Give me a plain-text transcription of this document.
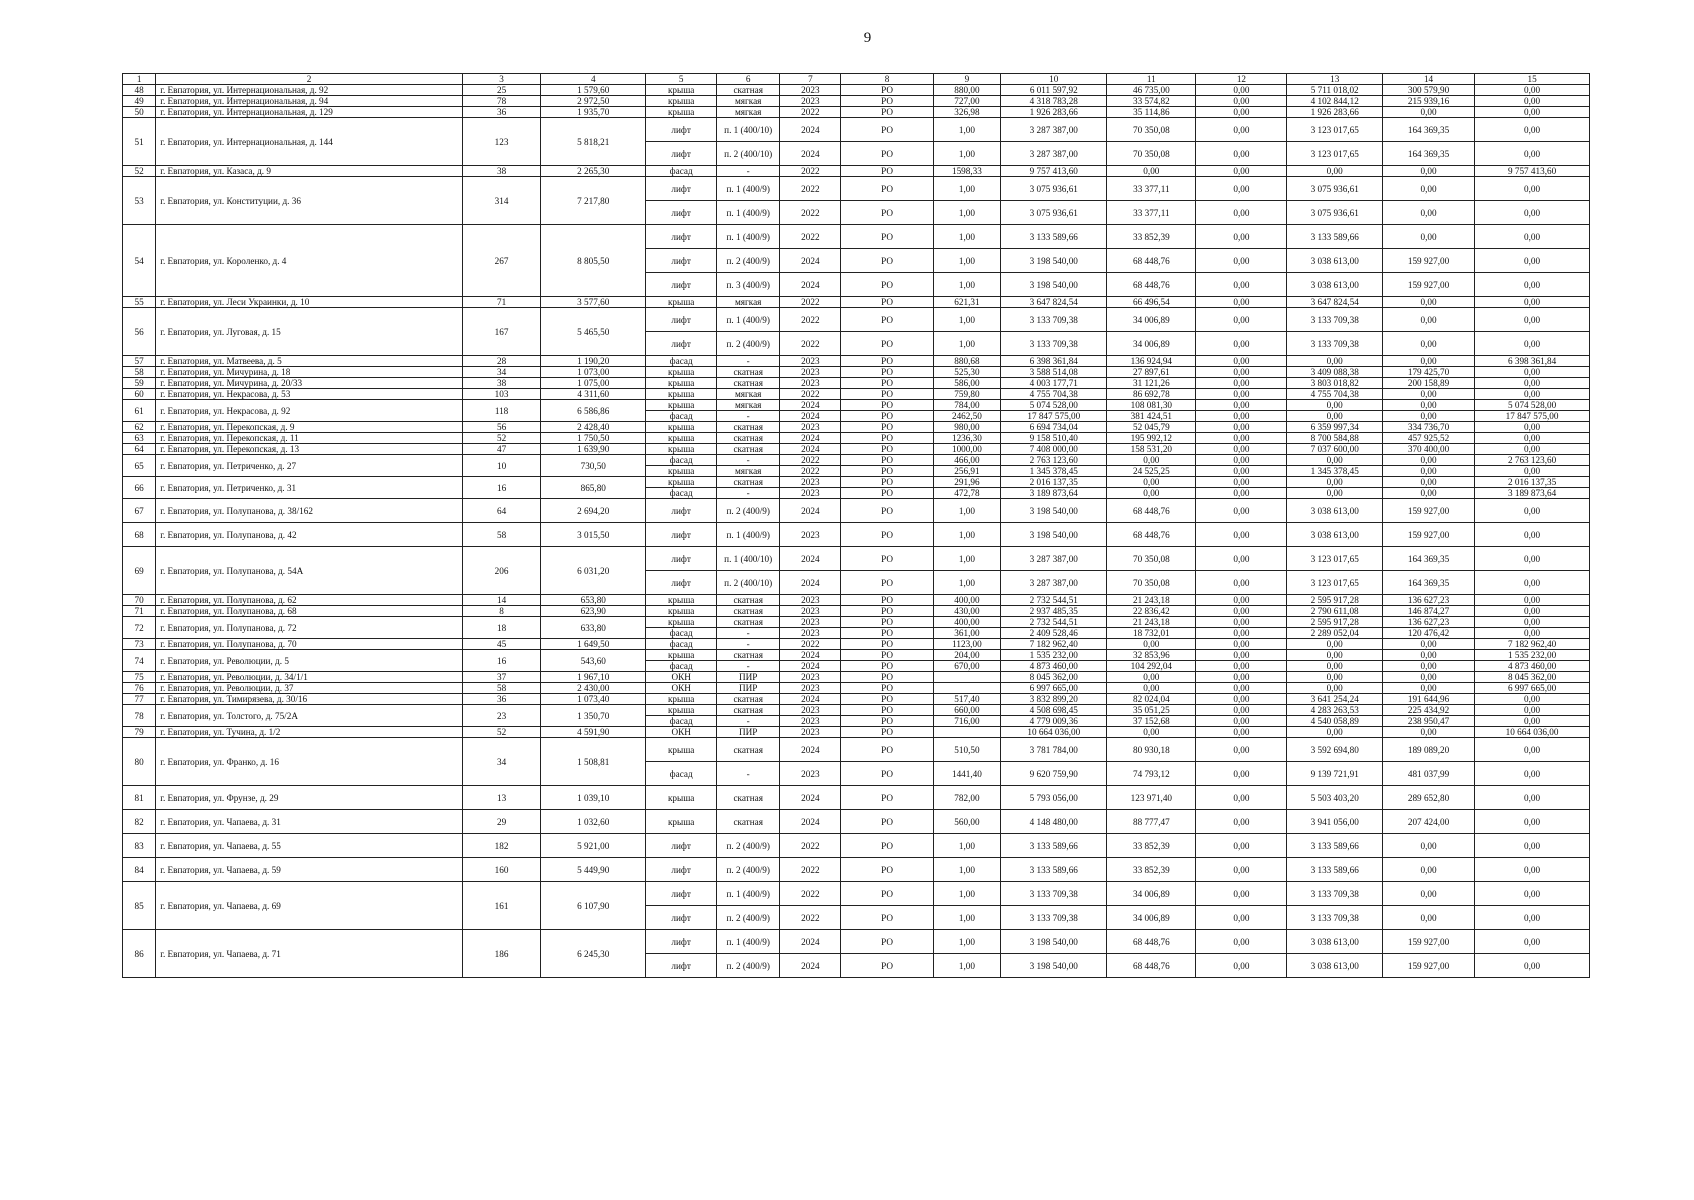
9
1	2	3	4	5	6	7	8	9	10	11	12	13	14	15
48	г. Евпатория, ул. Интернациональная, д. 92	25	1 579,60	крыша	скатная	2023	РО	880,00	6 011 597,92	46 735,00	0,00	5 711 018,02	300 579,90	0,00
49	г. Евпатория, ул. Интернациональная, д. 94	78	2 972,50	крыша	мягкая	2023	РО	727,00	4 318 783,28	33 574,82	0,00	4 102 844,12	215 939,16	0,00
50	г. Евпатория, ул. Интернациональная, д. 129	36	1 935,70	крыша	мягкая	2022	РО	326,98	1 926 283,66	35 114,86	0,00	1 926 283,66	0,00	0,00
51	г. Евпатория, ул. Интернациональная, д. 144	123	5 818,21	лифт	п. 1 (400/10)	2024	РО	1,00	3 287 387,00	70 350,08	0,00	3 123 017,65	164 369,35	0,00
				лифт	п. 2 (400/10)	2024	РО	1,00	3 287 387,00	70 350,08	0,00	3 123 017,65	164 369,35	0,00
52	г. Евпатория, ул. Казаса, д. 9	38	2 265,30	фасад	-	2022	РО	1598,33	9 757 413,60	0,00	0,00	0,00	0,00	9 757 413,60
53	г. Евпатория, ул. Конституции, д. 36	314	7 217,80	лифт	п. 1 (400/9)	2022	РО	1,00	3 075 936,61	33 377,11	0,00	3 075 936,61	0,00	0,00
				лифт	п. 1 (400/9)	2022	РО	1,00	3 075 936,61	33 377,11	0,00	3 075 936,61	0,00	0,00
54	г. Евпатория, ул. Короленко, д. 4	267	8 805,50	лифт	п. 1 (400/9)	2022	РО	1,00	3 133 589,66	33 852,39	0,00	3 133 589,66	0,00	0,00
				лифт	п. 2 (400/9)	2024	РО	1,00	3 198 540,00	68 448,76	0,00	3 038 613,00	159 927,00	0,00
				лифт	п. 3 (400/9)	2024	РО	1,00	3 198 540,00	68 448,76	0,00	3 038 613,00	159 927,00	0,00
55	г. Евпатория, ул. Леси Украинки, д. 10	71	3 577,60	крыша	мягкая	2022	РО	621,31	3 647 824,54	66 496,54	0,00	3 647 824,54	0,00	0,00
56	г. Евпатория, ул. Луговая, д. 15	167	5 465,50	лифт	п. 1 (400/9)	2022	РО	1,00	3 133 709,38	34 006,89	0,00	3 133 709,38	0,00	0,00
				лифт	п. 2 (400/9)	2022	РО	1,00	3 133 709,38	34 006,89	0,00	3 133 709,38	0,00	0,00
57	г. Евпатория, ул. Матвеева, д. 5	28	1 190,20	фасад	-	2023	РО	880,68	6 398 361,84	136 924,94	0,00	0,00	0,00	6 398 361,84
58	г. Евпатория, ул. Мичурина, д. 18	34	1 073,00	крыша	скатная	2023	РО	525,30	3 588 514,08	27 897,61	0,00	3 409 088,38	179 425,70	0,00
59	г. Евпатория, ул. Мичурина, д. 20/33	38	1 075,00	крыша	скатная	2023	РО	586,00	4 003 177,71	31 121,26	0,00	3 803 018,82	200 158,89	0,00
60	г. Евпатория, ул. Некрасова, д. 53	103	4 311,60	крыша	мягкая	2022	РО	759,80	4 755 704,38	86 692,78	0,00	4 755 704,38	0,00	0,00
61	г. Евпатория, ул. Некрасова, д. 92	118	6 586,86	крыша	мягкая	2024	РО	784,00	5 074 528,00	108 081,30	0,00	0,00	0,00	5 074 528,00
				фасад	-	2024	РО	2462,50	17 847 575,00	381 424,51	0,00	0,00	0,00	17 847 575,00
62	г. Евпатория, ул. Перекопская, д. 9	56	2 428,40	крыша	скатная	2023	РО	980,00	6 694 734,04	52 045,79	0,00	6 359 997,34	334 736,70	0,00
63	г. Евпатория, ул. Перекопская, д. 11	52	1 750,50	крыша	скатная	2024	РО	1236,30	9 158 510,40	195 992,12	0,00	8 700 584,88	457 925,52	0,00
64	г. Евпатория, ул. Перекопская, д. 13	47	1 639,90	крыша	скатная	2024	РО	1000,00	7 408 000,00	158 531,20	0,00	7 037 600,00	370 400,00	0,00
65	г. Евпатория, ул. Петриченко, д. 27	10	730,50	фасад	-	2022	РО	466,00	2 763 123,60	0,00	0,00	0,00	0,00	2 763 123,60
				крыша	мягкая	2022	РО	256,91	1 345 378,45	24 525,25	0,00	1 345 378,45	0,00	0,00
66	г. Евпатория, ул. Петриченко, д. 31	16	865,80	крыша	скатная	2023	РО	291,96	2 016 137,35	0,00	0,00	0,00	0,00	2 016 137,35
				фасад	-	2023	РО	472,78	3 189 873,64	0,00	0,00	0,00	0,00	3 189 873,64
67	г. Евпатория, ул. Полупанова, д. 38/162	64	2 694,20	лифт	п. 2 (400/9)	2024	РО	1,00	3 198 540,00	68 448,76	0,00	3 038 613,00	159 927,00	0,00
68	г. Евпатория, ул. Полупанова, д. 42	58	3 015,50	лифт	п. 1 (400/9)	2023	РО	1,00	3 198 540,00	68 448,76	0,00	3 038 613,00	159 927,00	0,00
69	г. Евпатория, ул. Полупанова, д. 54А	206	6 031,20	лифт	п. 1 (400/10)	2024	РО	1,00	3 287 387,00	70 350,08	0,00	3 123 017,65	164 369,35	0,00
				лифт	п. 2 (400/10)	2024	РО	1,00	3 287 387,00	70 350,08	0,00	3 123 017,65	164 369,35	0,00
70	г. Евпатория, ул. Полупанова, д. 62	14	653,80	крыша	скатная	2023	РО	400,00	2 732 544,51	21 243,18	0,00	2 595 917,28	136 627,23	0,00
71	г. Евпатория, ул. Полупанова, д. 68	8	623,90	крыша	скатная	2023	РО	430,00	2 937 485,35	22 836,42	0,00	2 790 611,08	146 874,27	0,00
72	г. Евпатория, ул. Полупанова, д. 72	18	633,80	крыша	скатная	2023	РО	400,00	2 732 544,51	21 243,18	0,00	2 595 917,28	136 627,23	0,00
				фасад	-	2023	РО	361,00	2 409 528,46	18 732,01	0,00	2 289 052,04	120 476,42	0,00
73	г. Евпатория, ул. Полупанова, д. 70	45	1 649,50	фасад	-	2022	РО	1123,00	7 182 962,40	0,00	0,00	0,00	0,00	7 182 962,40
74	г. Евпатория, ул. Революции, д. 5	16	543,60	крыша	скатная	2024	РО	204,00	1 535 232,00	32 853,96	0,00	0,00	0,00	1 535 232,00
				фасад	-	2024	РО	670,00	4 873 460,00	104 292,04	0,00	0,00	0,00	4 873 460,00
75	г. Евпатория, ул. Революции, д. 34/1/1	37	1 967,10	ОКН	ПИР	2023	РО		8 045 362,00	0,00	0,00	0,00	0,00	8 045 362,00
76	г. Евпатория, ул. Революции, д. 37	58	2 430,00	ОКН	ПИР	2023	РО		6 997 665,00	0,00	0,00	0,00	0,00	6 997 665,00
77	г. Евпатория, ул. Тимирязева, д. 30/16	36	1 073,40	крыша	скатная	2024	РО	517,40	3 832 899,20	82 024,04	0,00	3 641 254,24	191 644,96	0,00
78	г. Евпатория, ул. Толстого, д. 75/2А	23	1 350,70	крыша	скатная	2023	РО	660,00	4 508 698,45	35 051,25	0,00	4 283 263,53	225 434,92	0,00
				фасад	-	2023	РО	716,00	4 779 009,36	37 152,68	0,00	4 540 058,89	238 950,47	0,00
79	г. Евпатория, ул. Тучина, д. 1/2	52	4 591,90	ОКН	ПИР	2023	РО		10 664 036,00	0,00	0,00	0,00	0,00	10 664 036,00
80	г. Евпатория, ул. Франко, д. 16	34	1 508,81	крыша	скатная	2024	РО	510,50	3 781 784,00	80 930,18	0,00	3 592 694,80	189 089,20	0,00
				фасад	-	2023	РО	1441,40	9 620 759,90	74 793,12	0,00	9 139 721,91	481 037,99	0,00
81	г. Евпатория, ул. Фрунзе, д. 29	13	1 039,10	крыша	скатная	2024	РО	782,00	5 793 056,00	123 971,40	0,00	5 503 403,20	289 652,80	0,00
82	г. Евпатория, ул. Чапаева, д. 31	29	1 032,60	крыша	скатная	2024	РО	560,00	4 148 480,00	88 777,47	0,00	3 941 056,00	207 424,00	0,00
83	г. Евпатория, ул. Чапаева, д. 55	182	5 921,00	лифт	п. 2 (400/9)	2022	РО	1,00	3 133 589,66	33 852,39	0,00	3 133 589,66	0,00	0,00
84	г. Евпатория, ул. Чапаева, д. 59	160	5 449,90	лифт	п. 2 (400/9)	2022	РО	1,00	3 133 589,66	33 852,39	0,00	3 133 589,66	0,00	0,00
85	г. Евпатория, ул. Чапаева, д. 69	161	6 107,90	лифт	п. 1 (400/9)	2022	РО	1,00	3 133 709,38	34 006,89	0,00	3 133 709,38	0,00	0,00
				лифт	п. 2 (400/9)	2022	РО	1,00	3 133 709,38	34 006,89	0,00	3 133 709,38	0,00	0,00
86	г. Евпатория, ул. Чапаева, д. 71	186	6 245,30	лифт	п. 1 (400/9)	2024	РО	1,00	3 198 540,00	68 448,76	0,00	3 038 613,00	159 927,00	0,00
				лифт	п. 2 (400/9)	2024	РО	1,00	3 198 540,00	68 448,76	0,00	3 038 613,00	159 927,00	0,00
